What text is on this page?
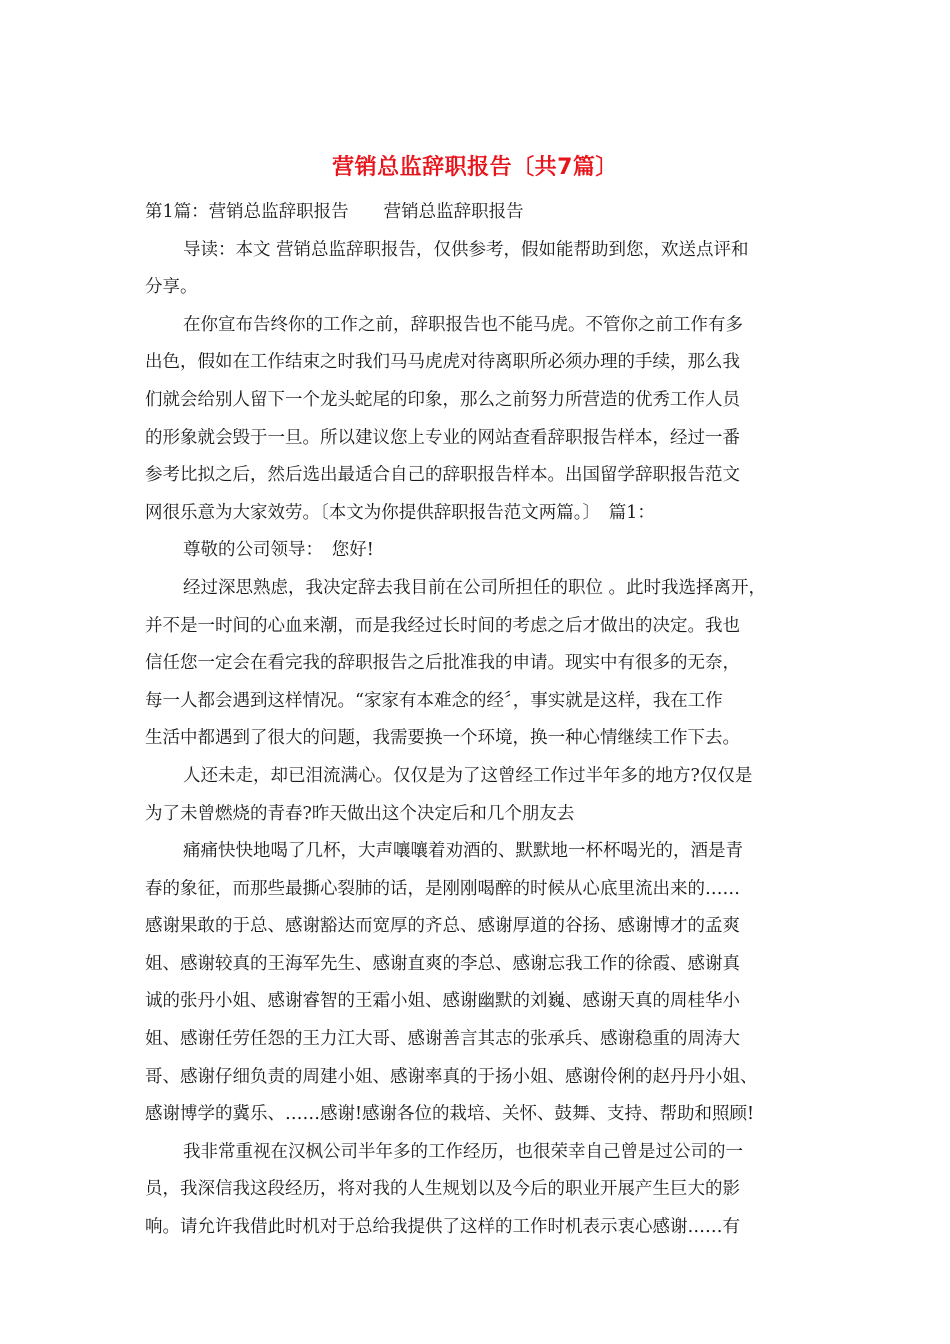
营销总监辞职报告〔共7篇〕
第1篇：营销总监辞职报告　　营销总监辞职报告
导读：本文 营销总监辞职报告，仅供参考，假如能帮助到您，欢送点评和
分享。
在你宣布告终你的工作之前，辞职报告也不能马虎。不管你之前工作有多
出色，假如在工作结束之时我们马马虎虎对待离职所必须办理的手续，那么我
们就会给别人留下一个龙头蛇尾的印象，那么之前努力所营造的优秀工作人员
的形象就会毁于一旦。所以建议您上专业的网站查看辞职报告样本，经过一番
参考比拟之后，然后选出最适合自己的辞职报告样本。出国留学辞职报告范文
网很乐意为大家效劳。〔本文为你提供辞职报告范文两篇。〕　篇1：
尊敬的公司领导：　您好!
经过深思熟虑，我决定辞去我目前在公司所担任的职位 。此时我选择离开，
并不是一时间的心血来潮，而是我经过长时间的考虑之后才做出的决定。我也
信任您一定会在看完我的辞职报告之后批准我的申请。现实中有很多的无奈，
每一人都会遇到这样情况。“家家有本难念的经〞，事实就是这样，我在工作
生活中都遇到了很大的问题，我需要换一个环境，换一种心情继续工作下去。
人还未走，却已泪流满心。仅仅是为了这曾经工作过半年多的地方?仅仅是
为了未曾燃烧的青春?昨天做出这个决定后和几个朋友去
痛痛快快地喝了几杯，大声嚷嚷着劝酒的、默默地一杯杯喝光的，酒是青
春的象征，而那些最撕心裂肺的话，是刚刚喝醉的时候从心底里流出来的……
感谢果敢的于总、感谢豁达而宽厚的齐总、感谢厚道的谷扬、感谢博才的孟爽
姐、感谢较真的王海军先生、感谢直爽的李总、感谢忘我工作的徐霞、感谢真
诚的张丹小姐、感谢睿智的王霜小姐、感谢幽默的刘巍、感谢天真的周桂华小
姐、感谢任劳任怨的王力江大哥、感谢善言其志的张承兵、感谢稳重的周涛大
哥、感谢仔细负责的周建小姐、感谢率真的于扬小姐、感谢伶俐的赵丹丹小姐、
感谢博学的冀乐、……感谢!感谢各位的栽培、关怀、鼓舞、支持、帮助和照顾!
我非常重视在汉枫公司半年多的工作经历，也很荣幸自己曾是过公司的一
员，我深信我这段经历，将对我的人生规划以及今后的职业开展产生巨大的影
响。请允许我借此时机对于总给我提供了这样的工作时机表示衷心感谢……有
